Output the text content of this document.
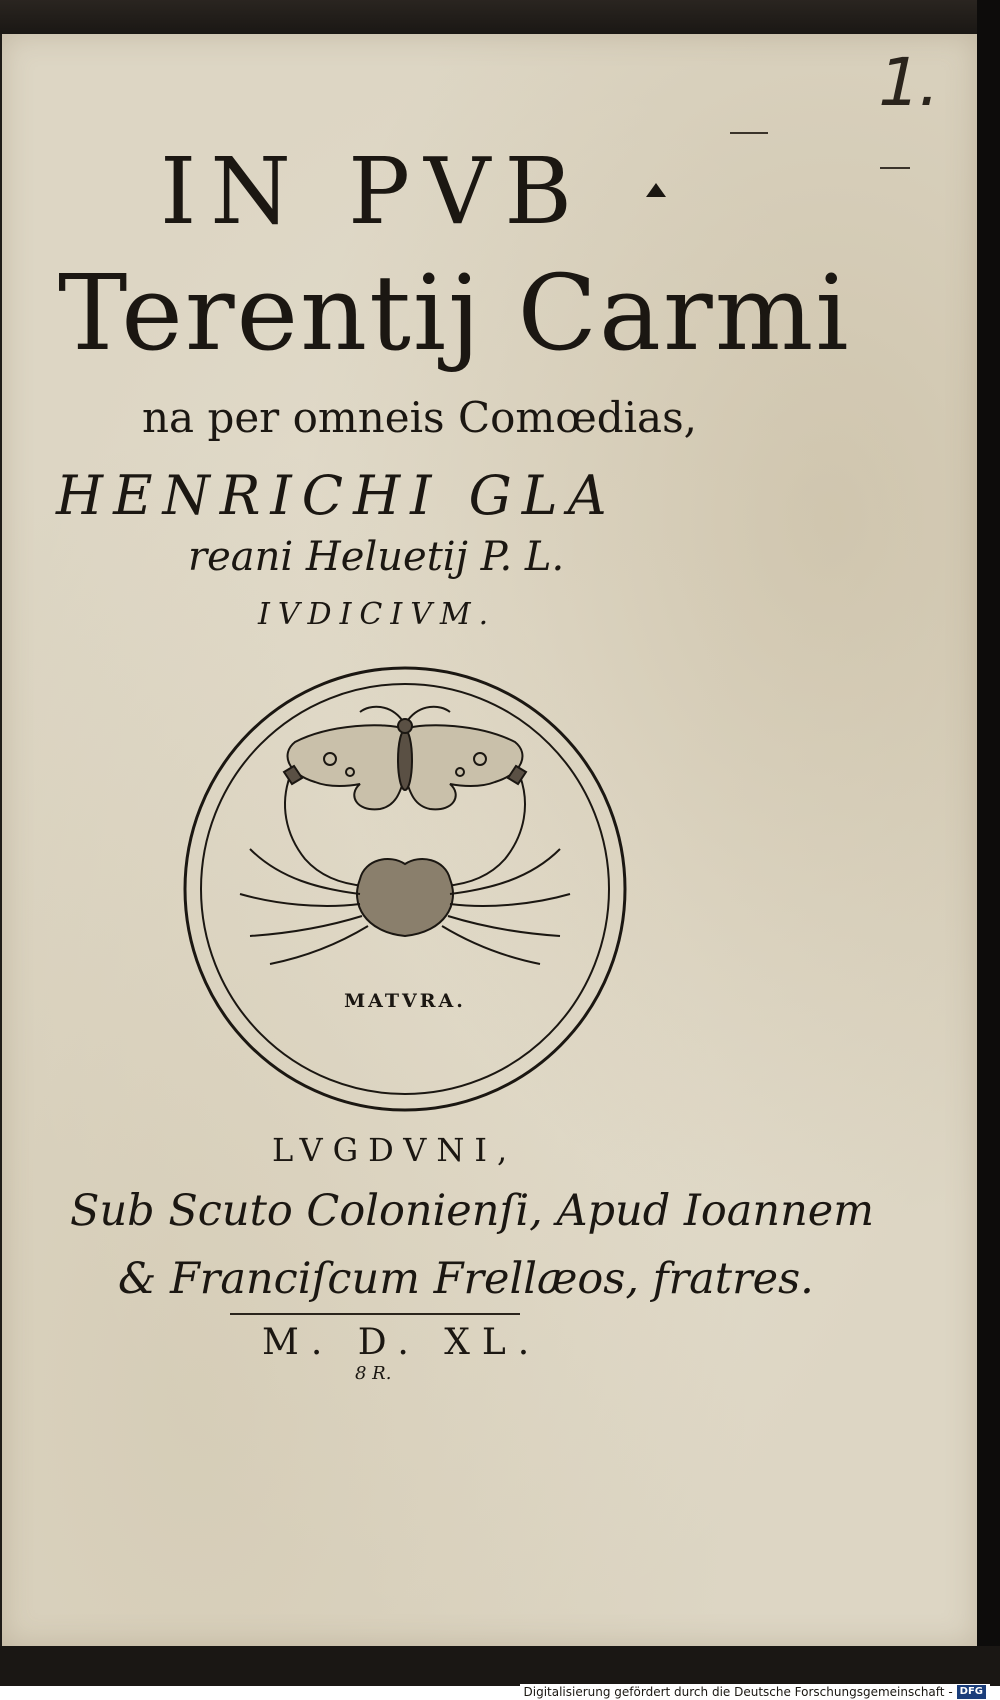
1.
IN PVB
Terentij Carmi
na per omneis Comœdias,
HENRICHI GLA
reani Heluetij P. L.
IVDICIVM.
MATVRA.
LVGDVNI,
Sub Scuto Colonienſi, Apud Ioannem
& Franciſcum Frellæos, fratres.
M. D. XL.
8 R.
Digitalisierung gefördert durch die Deutsche Forschungsgemeinschaft - DFG
